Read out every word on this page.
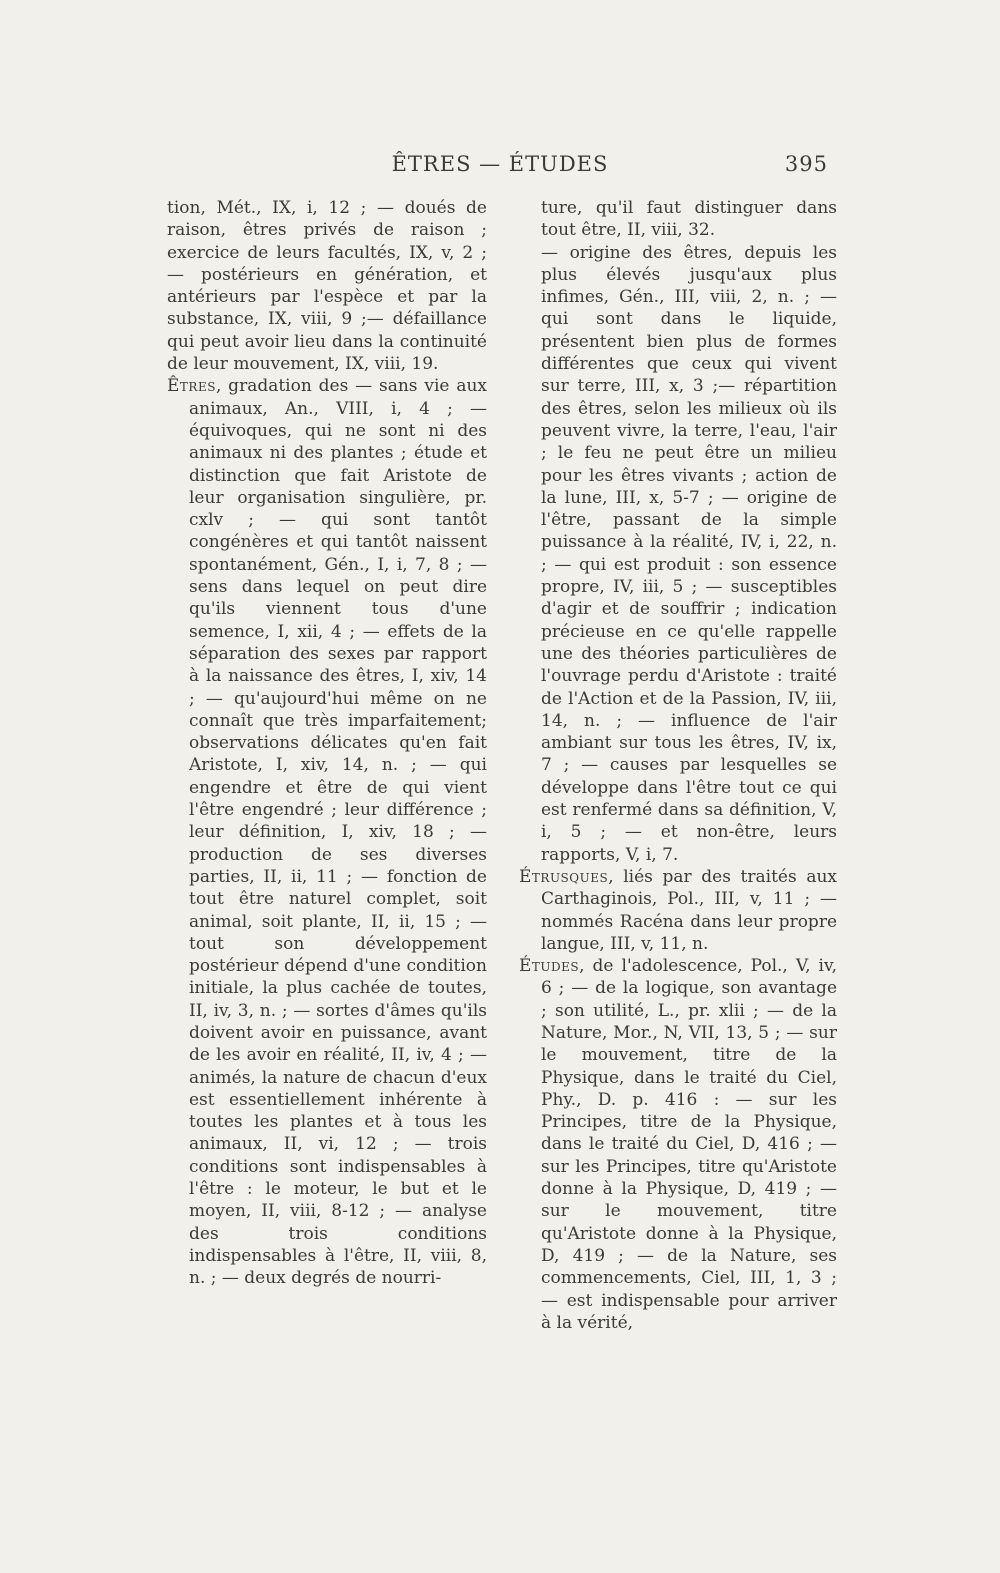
ÊTRES — ÉTUDES	395

tion, Mét., IX, i, 12 ; — doués de raison, êtres privés de raison ; exercice de leurs facultés, IX, v, 2 ; — postérieurs en génération, et antérieurs par l'espèce et par la substance, IX, viii, 9 ;— défaillance qui peut avoir lieu dans la continuité de leur mouvement, IX, viii, 19.

Êtres, gradation des — sans vie aux animaux, An., VIII, i, 4 ; — équivoques, qui ne sont ni des animaux ni des plantes ; étude et distinction que fait Aristote de leur organisation singulière, pr. cxlv ; — qui sont tantôt congénères et qui tantôt naissent spontanément, Gén., I, i, 7, 8 ; — sens dans lequel on peut dire qu'ils viennent tous d'une semence, I, xii, 4 ; — effets de la séparation des sexes par rapport à la naissance des êtres, I, xiv, 14 ; — qu'aujourd'hui même on ne connaît que très imparfaitement; observations délicates qu'en fait Aristote, I, xiv, 14, n. ; — qui engendre et être de qui vient l'être engendré ; leur différence ; leur définition, I, xiv, 18 ; — production de ses diverses parties, II, ii, 11 ; — fonction de tout être naturel complet, soit animal, soit plante, II, ii, 15 ; — tout son développement postérieur dépend d'une condition initiale, la plus cachée de toutes, II, iv, 3, n. ; — sortes d'âmes qu'ils doivent avoir en puissance, avant de les avoir en réalité, II, iv, 4 ; — animés, la nature de chacun d'eux est essentiellement inhérente à toutes les plantes et à tous les animaux, II, vi, 12 ; — trois conditions sont indispensables à l'être : le moteur, le but et le moyen, II, viii, 8-12 ; — analyse des trois conditions indispensables à l'être, II, viii, 8, n. ; — deux degrés de nourri-

ture, qu'il faut distinguer dans tout être, II, viii, 32.

— origine des êtres, depuis les plus élevés jusqu'aux plus infimes, Gén., III, viii, 2, n. ; — qui sont dans le liquide, présentent bien plus de formes différentes que ceux qui vivent sur terre, III, x, 3 ;— répartition des êtres, selon les milieux où ils peuvent vivre, la terre, l'eau, l'air ; le feu ne peut être un milieu pour les êtres vivants ; action de la lune, III, x, 5-7 ; — origine de l'être, passant de la simple puissance à la réalité, IV, i, 22, n. ; — qui est produit : son essence propre, IV, iii, 5 ; — susceptibles d'agir et de souffrir ; indication précieuse en ce qu'elle rappelle une des théories particulières de l'ouvrage perdu d'Aristote : traité de l'Action et de la Passion, IV, iii, 14, n. ; — influence de l'air ambiant sur tous les êtres, IV, ix, 7 ; — causes par lesquelles se développe dans l'être tout ce qui est renfermé dans sa définition, V, i, 5 ; — et non-être, leurs rapports, V, i, 7.

Étrusques, liés par des traités aux Carthaginois, Pol., III, v, 11 ; — nommés Racéna dans leur propre langue, III, v, 11, n.

Études, de l'adolescence, Pol., V, iv, 6 ; — de la logique, son avantage ; son utilité, L., pr. xlii ; — de la Nature, Mor., N, VII, 13, 5 ; — sur le mouvement, titre de la Physique, dans le traité du Ciel, Phy., D. p. 416 : — sur les Principes, titre de la Physique, dans le traité du Ciel, D, 416 ; — sur les Principes, titre qu'Aristote donne à la Physique, D, 419 ; — sur le mouvement, titre qu'Aristote donne à la Physique, D, 419 ; — de la Nature, ses commencements, Ciel, III, 1, 3 ; — est indispensable pour arriver à la vérité,
